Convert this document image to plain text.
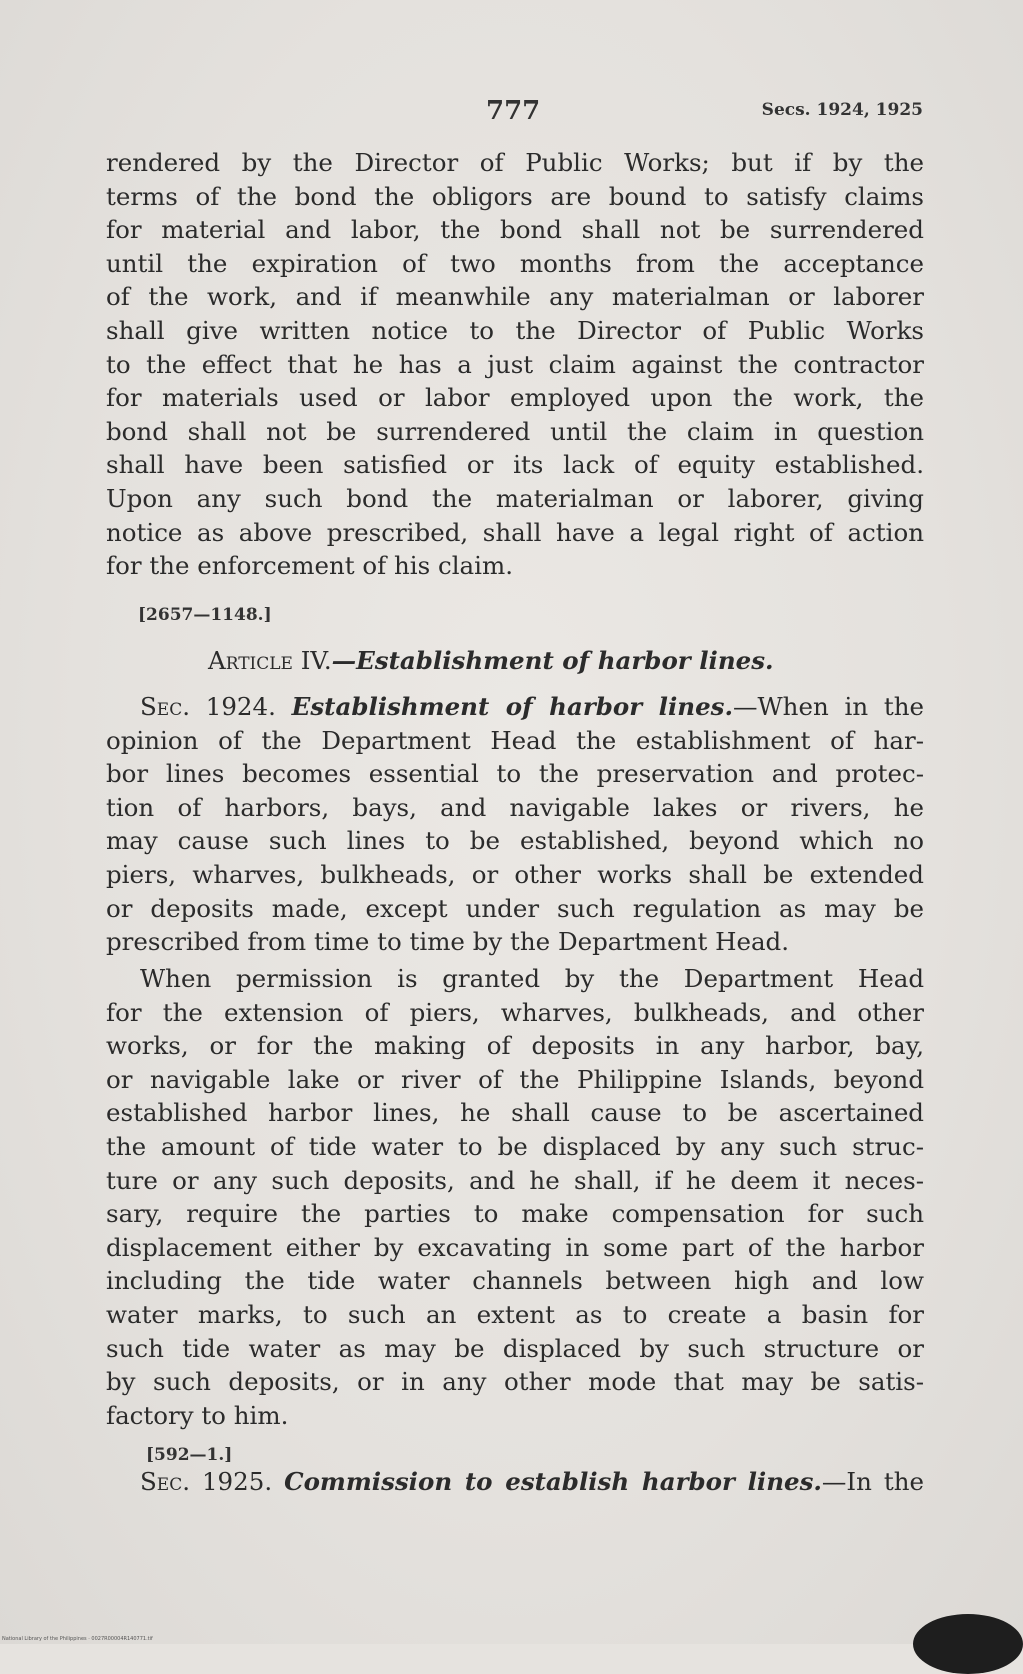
777	Secs. 1924, 1925
rendered by the Director of Public Works; but if by the
terms of the bond the obligors are bound to satisfy claims
for material and labor, the bond shall not be surrendered
until the expiration of two months from the acceptance
of the work, and if meanwhile any materialman or laborer
shall give written notice to the Director of Public Works
to the effect that he has a just claim against the contractor
for materials used or labor employed upon the work, the
bond shall not be surrendered until the claim in question
shall have been satisfied or its lack of equity established.
Upon any such bond the materialman or laborer, giving
notice as above prescribed, shall have a legal right of action
for the enforcement of his claim.
[2657—1148.]
Article IV.—Establishment of harbor lines.
Sec. 1924. Establishment of harbor lines.—When in the
opinion of the Department Head the establishment of har-
bor lines becomes essential to the preservation and protec-
tion of harbors, bays, and navigable lakes or rivers, he
may cause such lines to be established, beyond which no
piers, wharves, bulkheads, or other works shall be extended
or deposits made, except under such regulation as may be
prescribed from time to time by the Department Head.
When permission is granted by the Department Head
for the extension of piers, wharves, bulkheads, and other
works, or for the making of deposits in any harbor, bay,
or navigable lake or river of the Philippine Islands, beyond
established harbor lines, he shall cause to be ascertained
the amount of tide water to be displaced by any such struc-
ture or any such deposits, and he shall, if he deem it neces-
sary, require the parties to make compensation for such
displacement either by excavating in some part of the harbor
including the tide water channels between high and low
water marks, to such an extent as to create a basin for
such tide water as may be displaced by such structure or
by such deposits, or in any other mode that may be satis-
factory to him.
[592—1.]
Sec. 1925. Commission to establish harbor lines.—In the
National Library of the Philippines · 0027R00004R140771.tif
